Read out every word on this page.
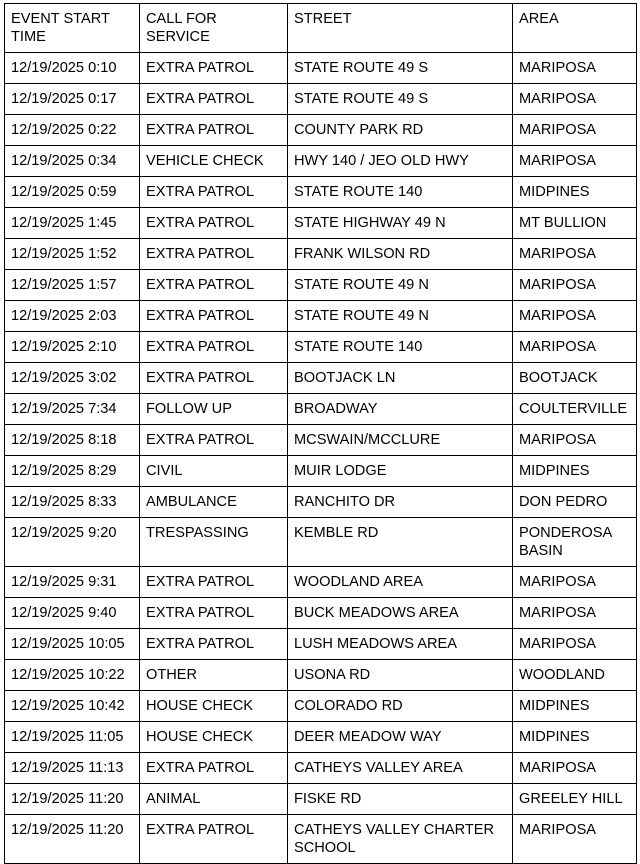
EVENT START TIME	CALL FOR SERVICE	STREET	AREA
12/19/2025 0:10	EXTRA PATROL	STATE ROUTE 49 S	MARIPOSA
12/19/2025 0:17	EXTRA PATROL	STATE ROUTE 49 S	MARIPOSA
12/19/2025 0:22	EXTRA PATROL	COUNTY PARK RD	MARIPOSA
12/19/2025 0:34	VEHICLE CHECK	HWY 140 / JEO OLD HWY	MARIPOSA
12/19/2025 0:59	EXTRA PATROL	STATE ROUTE 140	MIDPINES
12/19/2025 1:45	EXTRA PATROL	STATE HIGHWAY 49 N	MT BULLION
12/19/2025 1:52	EXTRA PATROL	FRANK WILSON RD	MARIPOSA
12/19/2025 1:57	EXTRA PATROL	STATE ROUTE 49 N	MARIPOSA
12/19/2025 2:03	EXTRA PATROL	STATE ROUTE 49 N	MARIPOSA
12/19/2025 2:10	EXTRA PATROL	STATE ROUTE 140	MARIPOSA
12/19/2025 3:02	EXTRA PATROL	BOOTJACK LN	BOOTJACK
12/19/2025 7:34	FOLLOW UP	BROADWAY	COULTERVILLE
12/19/2025 8:18	EXTRA PATROL	MCSWAIN/MCCLURE	MARIPOSA
12/19/2025 8:29	CIVIL	MUIR LODGE	MIDPINES
12/19/2025 8:33	AMBULANCE	RANCHITO DR	DON PEDRO
12/19/2025 9:20	TRESPASSING	KEMBLE RD	PONDEROSA BASIN
12/19/2025 9:31	EXTRA PATROL	WOODLAND AREA	MARIPOSA
12/19/2025 9:40	EXTRA PATROL	BUCK MEADOWS AREA	MARIPOSA
12/19/2025 10:05	EXTRA PATROL	LUSH MEADOWS AREA	MARIPOSA
12/19/2025 10:22	OTHER	USONA RD	WOODLAND
12/19/2025 10:42	HOUSE CHECK	COLORADO RD	MIDPINES
12/19/2025 11:05	HOUSE CHECK	DEER MEADOW WAY	MIDPINES
12/19/2025 11:13	EXTRA PATROL	CATHEYS VALLEY AREA	MARIPOSA
12/19/2025 11:20	ANIMAL	FISKE RD	GREELEY HILL
12/19/2025 11:20	EXTRA PATROL	CATHEYS VALLEY CHARTER SCHOOL	MARIPOSA
